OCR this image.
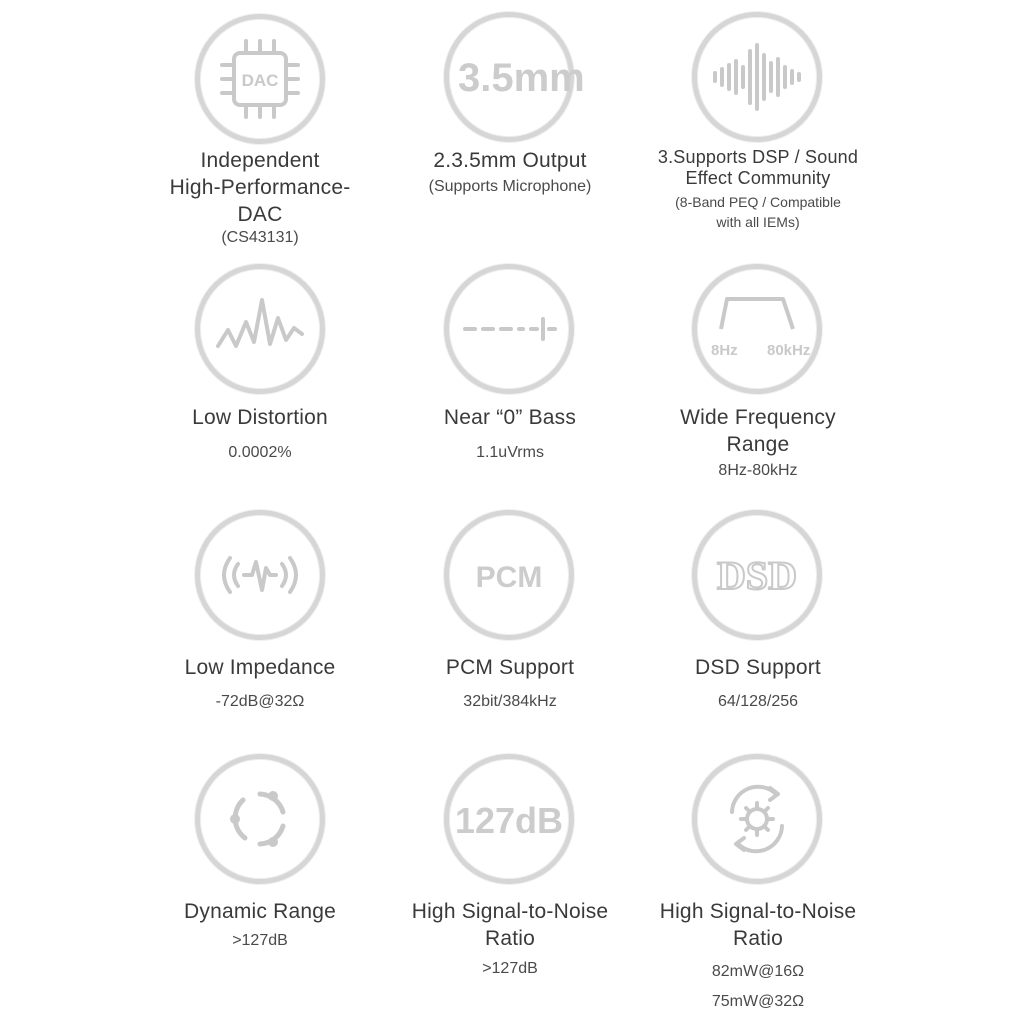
DAC
Independent
High-Performance-
DAC
(CS43131)
3.5mm
2.3.5mm Output
(Supports Microphone)
3.Supports DSP / Sound
Effect Community
(8-Band PEQ / Compatible
with all IEMs)
Low Distortion
0.0002%
Near “0” Bass
1.1uVrms
8Hz 80kHz
Wide Frequency
Range
8Hz-80kHz
Low Impedance
-72dB@32Ω
PCM
PCM Support
32bit/384kHz
DSD
DSD Support
64/128/256
Dynamic Range
>127dB
127dB
High Signal-to-Noise
Ratio
>127dB
High Signal-to-Noise
Ratio
82mW@16Ω
75mW@32Ω
